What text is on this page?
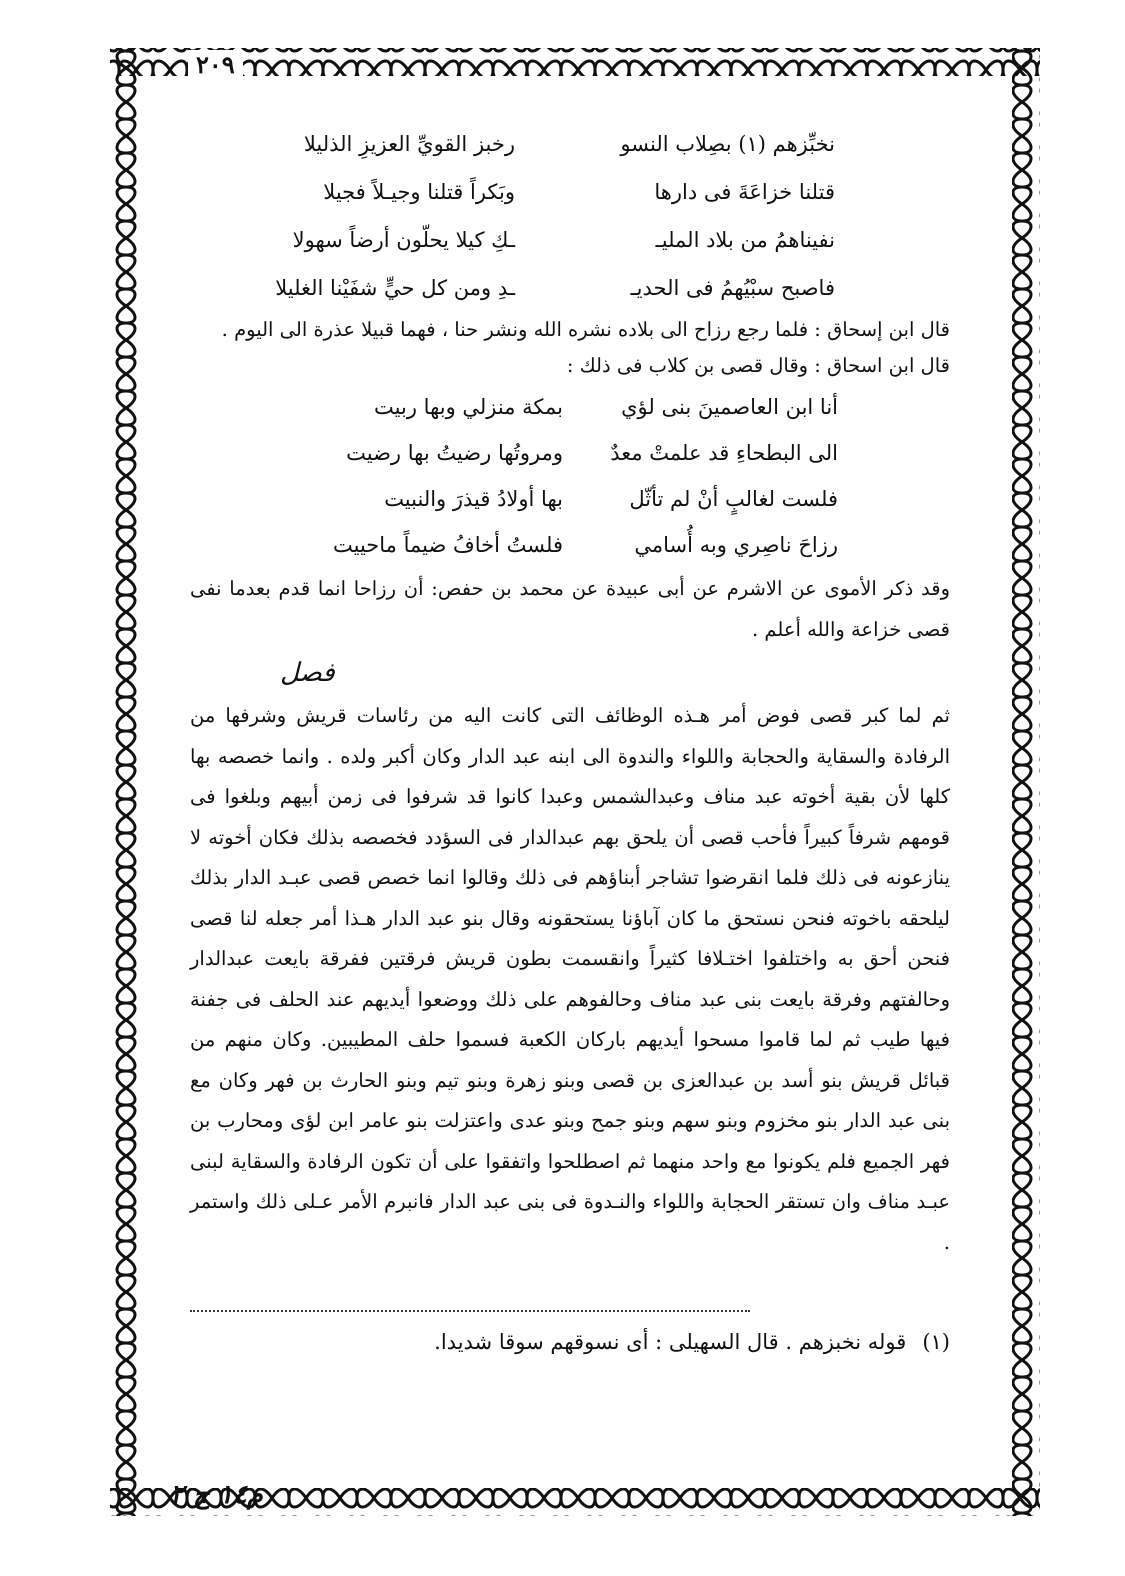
٢٠٩
نخبِّزهم (١) بصِلاب النسو
رخبز القويِّ العزيزِ الذليلا
قتلنا خزاعَةَ فى دارها
وبَكراً قتلنا وجيـلاً فجيلا
نفيناهمُ من بلاد المليـ
ـكِ كيلا يحلّون أرضاً سهولا
فاصبح سبْيُهمُ فى الحديـ
ـدِ ومن كل حيٍّ شفَيْنا الغليلا
قال ابن إسحاق : فلما رجع رزاح الى بلاده نشره الله ونشر حنا ، فهما قبيلا عذرة الى اليوم .
قال ابن اسحاق : وقال قصى بن كلاب فى ذلك :
أنا ابن العاصمينَ بنى لؤي
بمكة منزلي وبها ربيت
الى البطحاءِ قد علمتْ معدٌ
ومروتُها رضيتُ بها رضيت
فلست لغالبٍ أنْ لم تأثّل
بها أولادُ قيذرَ والنبيت
رزاحَ ناصِري وبه أُسامي
فلستُ أخافُ ضيماً ماحييت
وقد ذكر الأموى عن الاشرم عن أبى عبيدة عن محمد بن حفص: أن رزاحا انما قدم بعدما نفى قصى خزاعة والله أعلم .
فصل
ثم لما كبر قصى فوض أمر هـذه الوظائف التى كانت اليه من رئاسات قريش وشرفها من الرفادة والسقاية والحجابة واللواء والندوة الى ابنه عبد الدار وكان أكبر ولده . وانما خصصه بها كلها لأن بقية أخوته عبد مناف وعبدالشمس وعبدا كانوا قد شرفوا فى زمن أبيهم وبلغوا فى قومهم شرفاً كبيراً فأحب قصى أن يلحق بهم عبدالدار فى السؤدد فخصصه بذلك فكان أخوته لا ينازعونه فى ذلك فلما انقرضوا تشاجر أبناؤهم فى ذلك وقالوا انما خصص قصى عبـد الدار بذلك ليلحقه باخوته فنحن نستحق ما كان آباؤنا يستحقونه وقال بنو عبد الدار هـذا أمر جعله لنا قصى فنحن أحق به واختلفوا اختـلافا كثيراً وانقسمت بطون قريش فرقتين ففرقة بايعت عبدالدار وحالفتهم وفرقة بايعت بنى عبد مناف وحالفوهم على ذلك ووضعوا أيديهم عند الحلف فى جفنة فيها طيب ثم لما قاموا مسحوا أيديهم باركان الكعبة فسموا حلف المطيبين. وكان منهم من قبائل قريش بنو أسد بن عبدالعزى بن قصى وبنو زهرة وبنو تيم وبنو الحارث بن فهر وكان مع بنى عبد الدار بنو مخزوم وبنو سهم وبنو جمح وبنو عدى واعتزلت بنو عامر ابن لؤى ومحارب بن فهر الجميع فلم يكونوا مع واحد منهما ثم اصطلحوا واتفقوا على أن تكون الرفادة والسقاية لبنى عبـد مناف وان تستقر الحجابة واللواء والنـدوة فى بنى عبد الدار فانبرم الأمر عـلى ذلك واستمر .
(١)قوله نخبزهم . قال السهيلى : أى نسوقهم سوقا شديدا.
م١٤ ج ٢
